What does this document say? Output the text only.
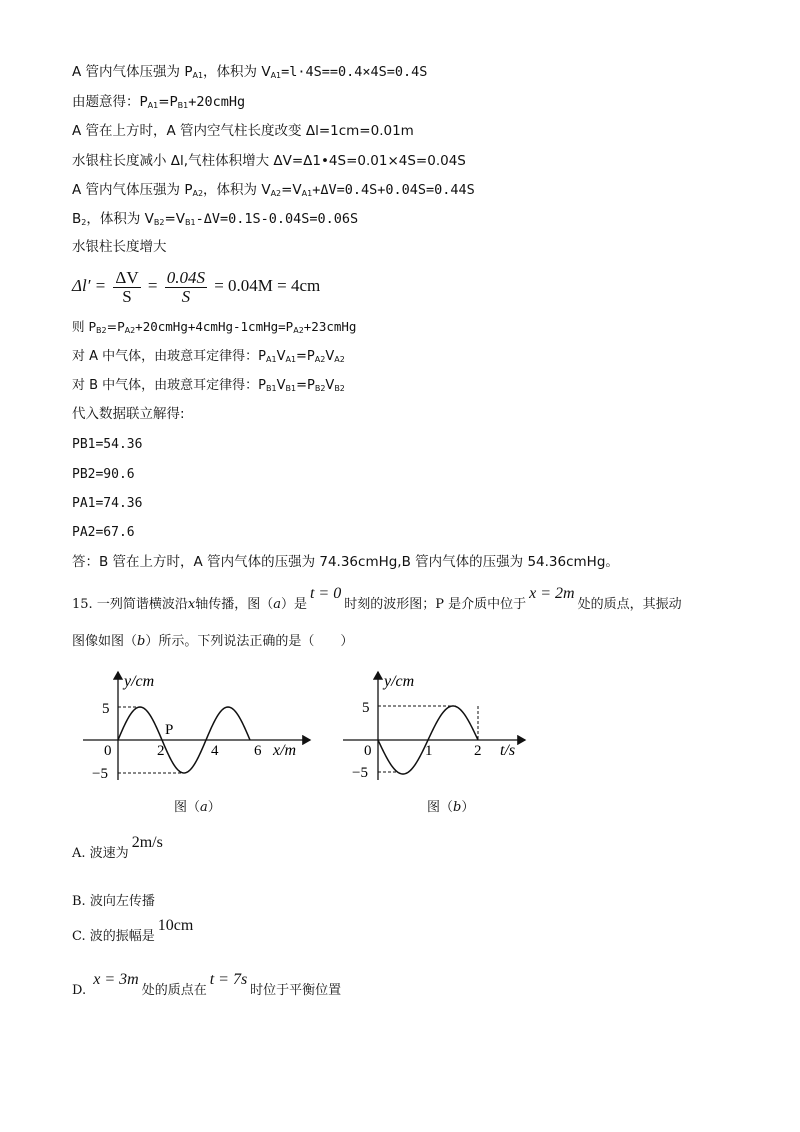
A 管内气体压强为 $P_{A1}$，体积为 $V_{A1}=l\cdot 4S==0.4\times 4S=0.4S$
由题意得：$P_{A1}=P_{B1}+20cmHg$
A 管在上方时，A 管内空气柱长度改变 Δl=1cm=0.01m
水银柱长度减小 Δl,气柱体积增大 ΔV=Δ1•4S=0.01×4S=0.04S
A 管内气体压强为 $P_{A2}$，体积为 $V_{A2}=V_{A1}+\Delta V=0.4S+0.04S=0.44S$
$B_2$，体积为 $V_{B2}=V_{B1}-\Delta V=0.1S-0.04S=0.06S$
水银柱长度增大
$\Delta l' = \frac{\Delta V}{S} = \frac{0.04S}{S} = 0.04M = 4cm$
则 $P_{B2}=P_{A2}+20cmHg+4cmHg-1cmHg=P_{A2}+23cmHg$
对 A 中气体，由玻意耳定律得：$P_{A1}V_{A1}=P_{A2}V_{A2}$
对 B 中气体，由玻意耳定律得：$P_{B1}V_{B1}=P_{B2}V_{B2}$
代入数据联立解得:
PB1=54.36
PB2=90.6
PA1=74.36
PA2=67.6
答：B 管在上方时，A 管内气体的压强为 74.36cmHg,B 管内气体的压强为 54.36cmHg。
15. 一列简谐横波沿x轴传播，图（a）是t = 0时刻的波形图；P 是介质中位于x = 2m处的质点，其振动
图像如图（b）所示。下列说法正确的是（　　）
y/cm
x/m
5
−5
0	2	4 6
P
图（a）
y/cm
t/s
5
−5
0	1	2
图（b）
A. 波速为2m/s
B. 波向左传播
C. 波的振幅是10cm
D. x = 3m处的质点在t = 7s时位于平衡位置
